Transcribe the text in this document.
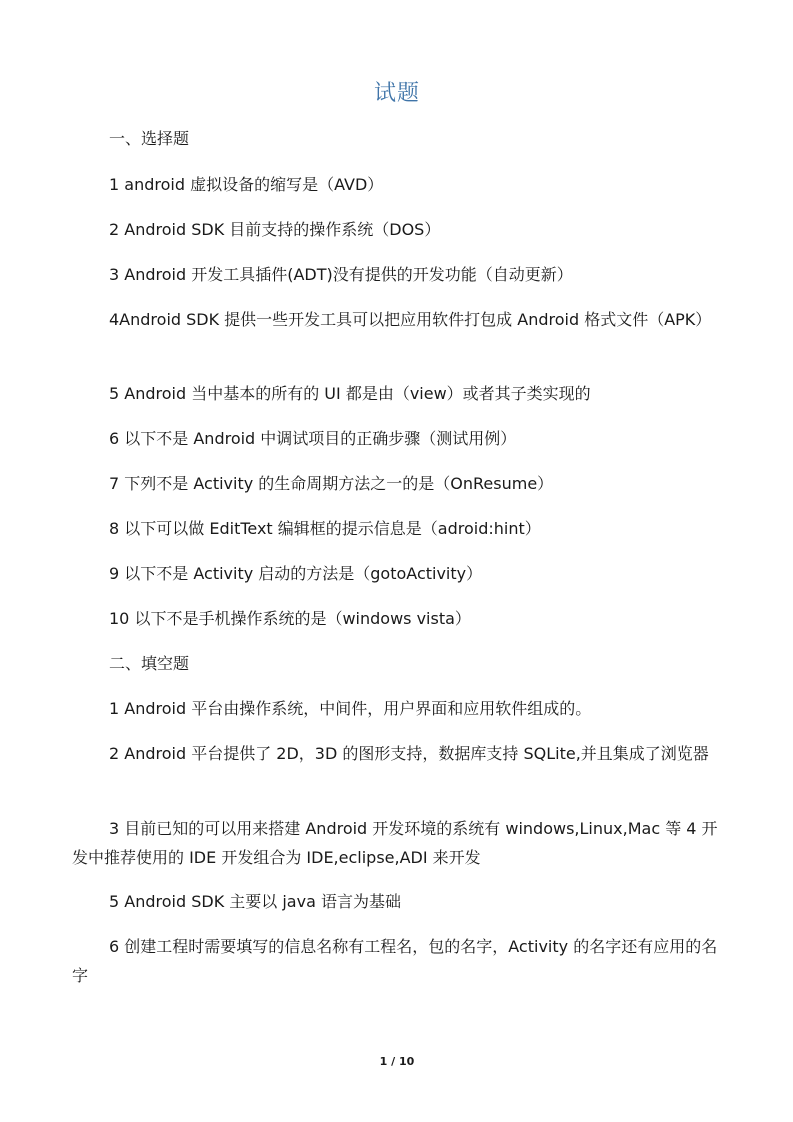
试题
一、选择题
1 android 虚拟设备的缩写是（AVD）
2 Android SDK 目前支持的操作系统（DOS）
3 Android 开发工具插件(ADT)没有提供的开发功能（自动更新）
4Android SDK 提供一些开发工具可以把应用软件打包成 Android 格式文件（APK）
5 Android 当中基本的所有的 UI 都是由（view）或者其子类实现的
6 以下不是 Android 中调试项目的正确步骤（测试用例）
7 下列不是 Activity 的生命周期方法之一的是（OnResume）
8 以下可以做 EditText 编辑框的提示信息是（adroid:hint）
9 以下不是 Activity 启动的方法是（gotoActivity）
10 以下不是手机操作系统的是（windows vista）
二、填空题
1 Android 平台由操作系统，中间件，用户界面和应用软件组成的。
2 Android 平台提供了 2D，3D 的图形支持，数据库支持 SQLite,并且集成了浏览器
3 目前已知的可以用来搭建 Android 开发环境的系统有 windows,Linux,Mac 等 4 开发中推荐使用的 IDE 开发组合为 IDE,eclipse,ADI 来开发
5 Android SDK 主要以 java 语言为基础
6 创建工程时需要填写的信息名称有工程名，包的名字，Activity 的名字还有应用的名字
1 / 10
